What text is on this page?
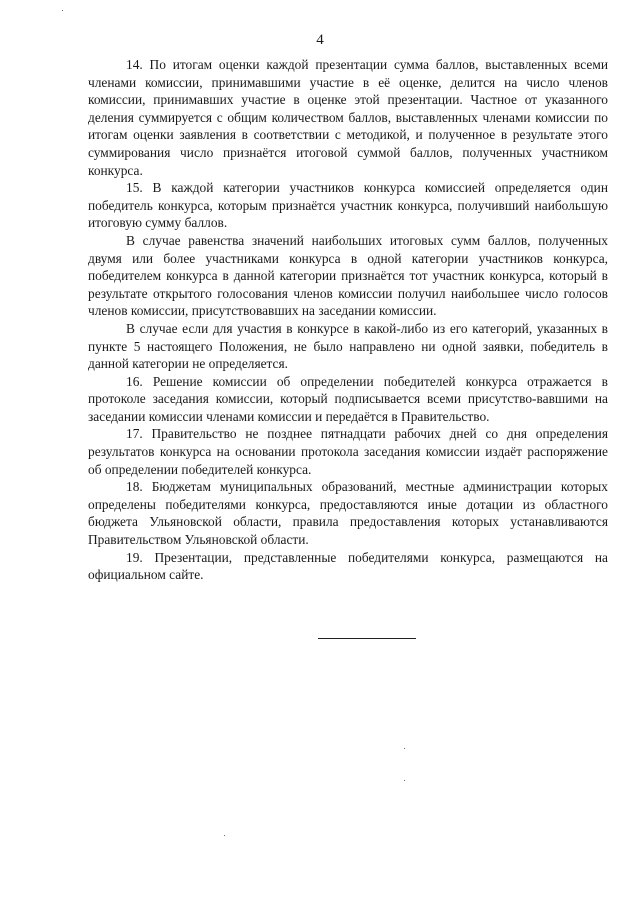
4

14. По итогам оценки каждой презентации сумма баллов, выставленных всеми членами комиссии, принимавшими участие в её оценке, делится на число членов комиссии, принимавших участие в оценке этой презентации. Частное от указанного деления суммируется с общим количеством баллов, выставленных членами комиссии по итогам оценки заявления в соответствии с методикой, и полученное в результате этого суммирования число признаётся итоговой суммой баллов, полученных участником конкурса.

15. В каждой категории участников конкурса комиссией определяется один победитель конкурса, которым признаётся участник конкурса, получивший наибольшую итоговую сумму баллов.

В случае равенства значений наибольших итоговых сумм баллов, полученных двумя или более участниками конкурса в одной категории участников конкурса, победителем конкурса в данной категории признаётся тот участник конкурса, который в результате открытого голосования членов комиссии получил наибольшее число голосов членов комиссии, присутствовавших на заседании комиссии.

В случае если для участия в конкурсе в какой-либо из его категорий, указанных в пункте 5 настоящего Положения, не было направлено ни одной заявки, победитель в данной категории не определяется.

16. Решение комиссии об определении победителей конкурса отражается в протоколе заседания комиссии, который подписывается всеми присутство-вавшими на заседании комиссии членами комиссии и передаётся в Правительство.

17. Правительство не позднее пятнадцати рабочих дней со дня определения результатов конкурса на основании протокола заседания комиссии издаёт распоряжение об определении победителей конкурса.

18. Бюджетам муниципальных образований, местные администрации которых определены победителями конкурса, предоставляются иные дотации из областного бюджета Ульяновской области, правила предоставления которых устанавливаются Правительством Ульяновской области.

19. Презентации, представленные победителями конкурса, размещаются на официальном сайте.
